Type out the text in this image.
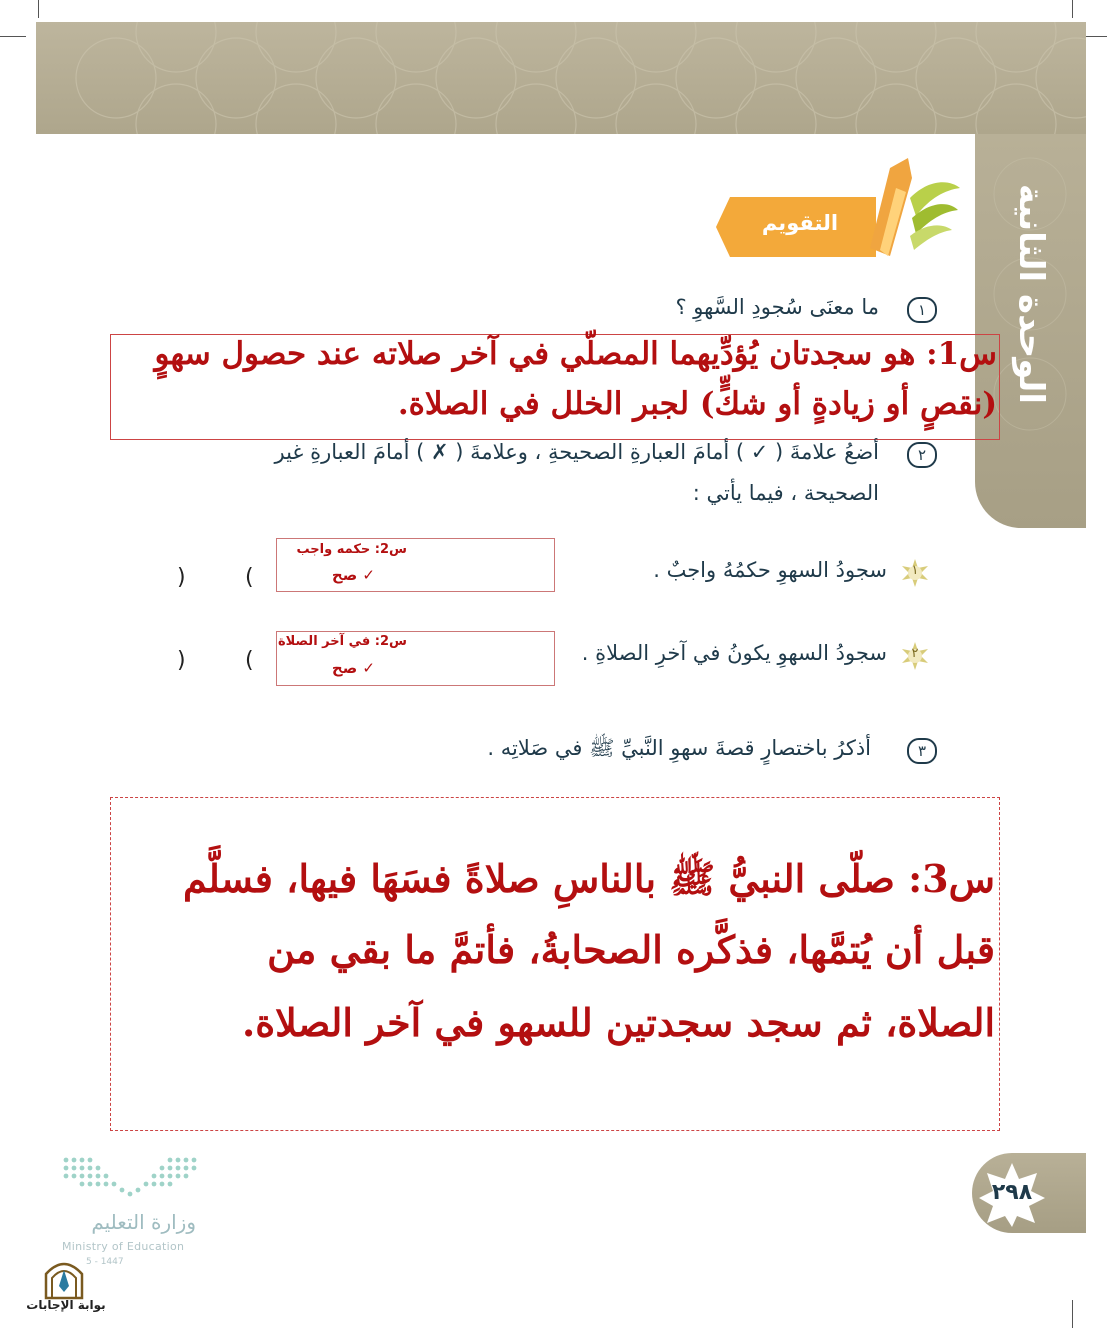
الوحدة الثانية
التقويم
١
ما معنَى سُجودِ السَّهوِ ؟
س1: هو سجدتان يُؤدِّيهما المصلّي في آخر صلاته عند حصول سهوٍ
(نقصٍ أو زيادةٍ أو شكٍّ) لجبر الخلل في الصلاة.
٢
أضعُ علامةَ ( ✓ ) أمامَ العبارةِ الصحيحةِ ، وعلامةَ ( ✗ ) أمامَ العبارةِ غير
الصحيحة ، فيما يأتي :
١
سجودُ السهوِ حكمُهُ واجبٌ .
)	(
س2: حكمه واجب
✓ صح
٢
سجودُ السهوِ يكونُ في آخرِ الصلاةِ .
)	(
س2: في آخر الصلاة
✓ صح
٣
أذكرُ باختصارٍ قصةَ سهوِ النَّبيِّ ﷺ في صَلاتِه .
س3: صلّى النبيُّ ﷺ بالناسِ صلاةً فسَهَا فيها، فسلَّم
قبل أن يُتمَّها، فذكَّره الصحابةُ، فأتمَّ ما بقي من
الصلاة، ثم سجد سجدتين للسهو في آخر الصلاة.
٢٩٨
وزارة التعليم
Ministry of Education
5 - 1447
بوابة الإجابات
